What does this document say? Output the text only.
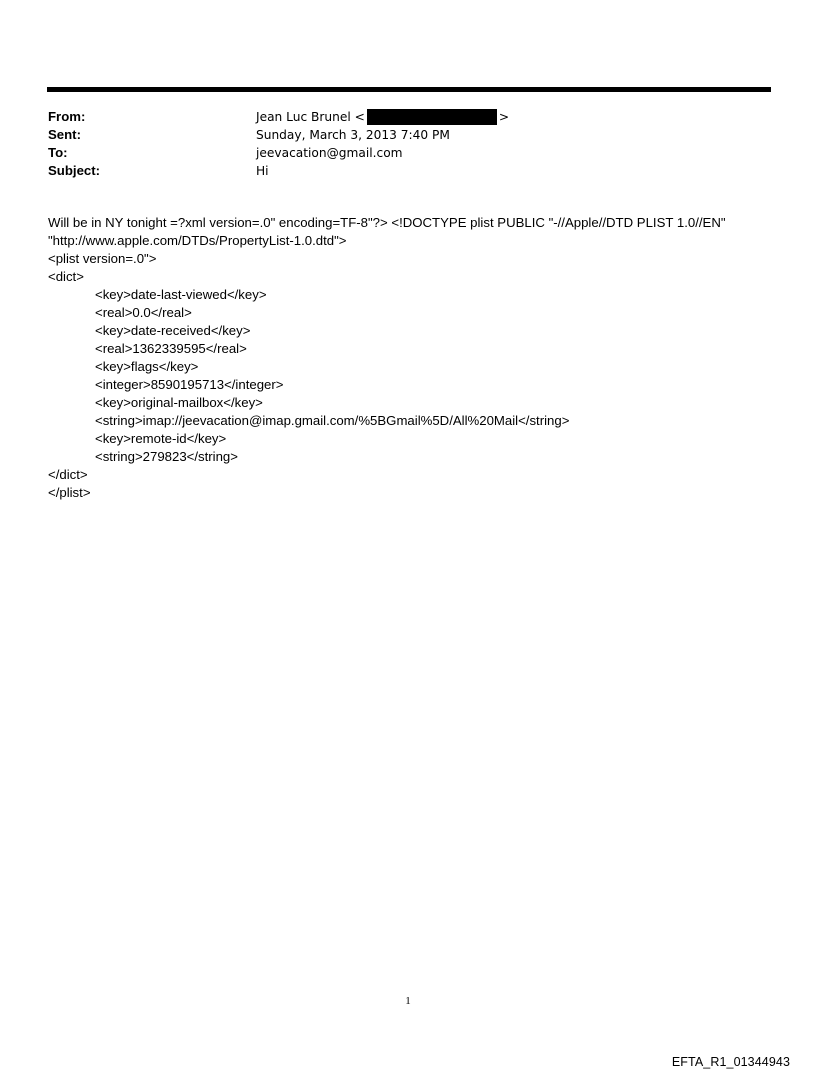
From:	Jean Luc Brunel <	>
Sent:	Sunday, March 3, 2013 7:40 PM
To:	jeevacation@gmail.com
Subject:	Hi
Will be in NY tonight =?xml version=.0" encoding=TF-8"?> <!DOCTYPE plist PUBLIC "-//Apple//DTD PLIST 1.0//EN"
"http://www.apple.com/DTDs/PropertyList-1.0.dtd">
<plist version=.0">
<dict>
<key>date-last-viewed</key>
<real>0.0</real>
<key>date-received</key>
<real>1362339595</real>
<key>flags</key>
<integer>8590195713</integer>
<key>original-mailbox</key>
<string>imap://jeevacation@imap.gmail.com/%5BGmail%5D/All%20Mail</string>
<key>remote-id</key>
<string>279823</string>
</dict>
</plist>
1
EFTA_R1_01344943
